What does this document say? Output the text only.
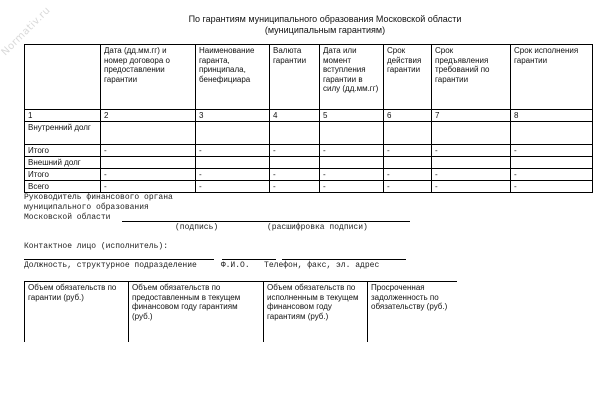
Normativ.ru	По гарантиям муниципального образования Московской области
(муниципальным гарантиям)
	Дата (дд.мм.гг) и номер договора о предоставлении гарантии	Наименование гаранта, принципала, бенефициара	Валюта гарантии	Дата или момент вступления гарантии в силу (дд.мм.гг)	Срок действия гарантии	Срок предъявления требований по гарантии	Срок исполнения гарантии
1	2	3	4	5	6	7	8
Внутренний долг							
Итого	-	-	-	-	-	-	-
Внешний долг							
Итого	-	-	-	-	-	-	-
Всего	-	-	-	-	-	-	-
Руководитель финансового органа
муниципального образования
Московской области
(подпись)	(расшифровка подписи)
Контактное лицо (исполнитель):
Должность, структурное подразделение     Ф.И.О.   Телефон, факс, эл. адрес
Объем обязательств по гарантии (руб.)	Объем обязательств по предоставленным в текущем финансовом году гарантиям (руб.)	Объем обязательств по исполненным в текущем финансовом году гарантиям (руб.)	Просроченная задолженность по обязательству (руб.)
